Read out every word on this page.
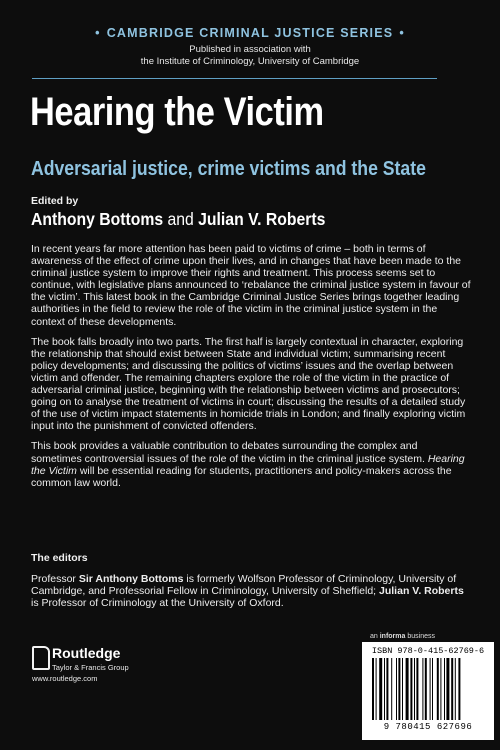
• CAMBRIDGE CRIMINAL JUSTICE SERIES •
Published in association with
the Institute of Criminology, University of Cambridge
Hearing the Victim
Adversarial justice, crime victims and the State
Edited by
Anthony Bottoms and Julian V. Roberts

In recent years far more attention has been paid to victims of crime – both in terms of awareness of the effect of crime upon their lives, and in changes that have been made to the criminal justice system to improve their rights and treatment. This process seems set to continue, with legislative plans announced to ‘rebalance the criminal justice system in favour of the victim’. This latest book in the Cambridge Criminal Justice Series brings together leading authorities in the field to review the role of the victim in the criminal justice system in the context of these developments.

The book falls broadly into two parts. The first half is largely contextual in character, exploring the relationship that should exist between State and individual victim; summarising recent policy developments; and discussing the politics of victims’ issues and the overlap between victim and offender. The remaining chapters explore the role of the victim in the practice of adversarial criminal justice, beginning with the relationship between victims and prosecutors; going on to analyse the treatment of victims in court; discussing the results of a detailed study of the use of victim impact statements in homicide trials in London; and finally exploring victim input into the punishment of convicted offenders.

This book provides a valuable contribution to debates surrounding the complex and sometimes controversial issues of the role of the victim in the criminal justice system. Hearing the Victim will be essential reading for students, practitioners and policy-makers across the common law world.

The editors
Professor Sir Anthony Bottoms is formerly Wolfson Professor of Criminology, University of Cambridge, and Professorial Fellow in Criminology, University of Sheffield; Julian V. Roberts is Professor of Criminology at the University of Oxford.
an informa business
Routledge
Taylor & Francis Group
www.routledge.com
ISBN 978-0-415-62769-6
9 780415 627696
